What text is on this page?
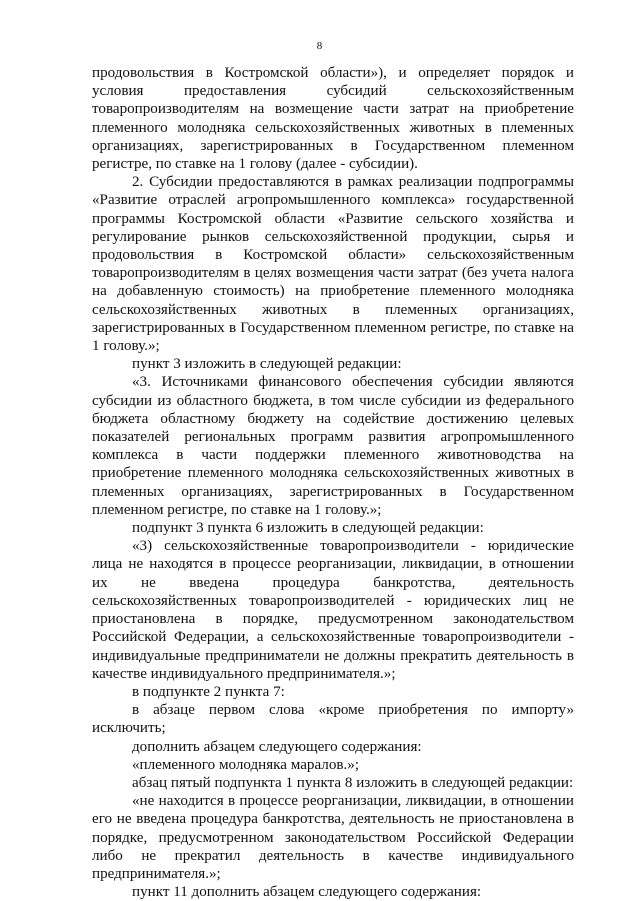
8

продовольствия в Костромской области»), и определяет порядок и условия предоставления субсидий сельскохозяйственным товаропроизводителям на возмещение части затрат на приобретение племенного молодняка сельскохозяйственных животных в племенных организациях, зарегистрированных в Государственном племенном регистре, по ставке на 1 голову (далее - субсидии).

2. Субсидии предоставляются в рамках реализации подпрограммы «Развитие отраслей агропромышленного комплекса» государственной программы Костромской области «Развитие сельского хозяйства и регулирование рынков сельскохозяйственной продукции, сырья и продовольствия в Костромской области» сельскохозяйственным товаропроизводителям в целях возмещения части затрат (без учета налога на добавленную стоимость) на приобретение племенного молодняка сельскохозяйственных животных в племенных организациях, зарегистрированных в Государственном племенном регистре, по ставке на 1 голову.»;

пункт 3 изложить в следующей редакции:

«3. Источниками финансового обеспечения субсидии являются субсидии из областного бюджета, в том числе субсидии из федерального бюджета областному бюджету на содействие достижению целевых показателей региональных программ развития агропромышленного комплекса в части поддержки племенного животноводства на приобретение племенного молодняка сельскохозяйственных животных в племенных организациях, зарегистрированных в Государственном племенном регистре, по ставке на 1 голову.»;

подпункт 3 пункта 6 изложить в следующей редакции:

«3) сельскохозяйственные товаропроизводители - юридические лица не находятся в процессе реорганизации, ликвидации, в отношении их не введена процедура банкротства, деятельность сельскохозяйственных товаропроизводителей - юридических лиц не приостановлена в порядке, предусмотренном законодательством Российской Федерации, а сельскохозяйственные товаропроизводители - индивидуальные предприниматели не должны прекратить деятельность в качестве индивидуального предпринимателя.»;

в подпункте 2 пункта 7:

в абзаце первом слова «кроме приобретения по импорту» исключить;

дополнить абзацем следующего содержания:

«племенного молодняка маралов.»;

абзац пятый подпункта 1 пункта 8 изложить в следующей редакции:

«не находится в процессе реорганизации, ликвидации, в отношении его не введена процедура банкротства, деятельность не приостановлена в порядке, предусмотренном законодательством Российской Федерации либо не прекратил деятельность в качестве индивидуального предпринимателя.»;

пункт 11 дополнить абзацем следующего содержания:
